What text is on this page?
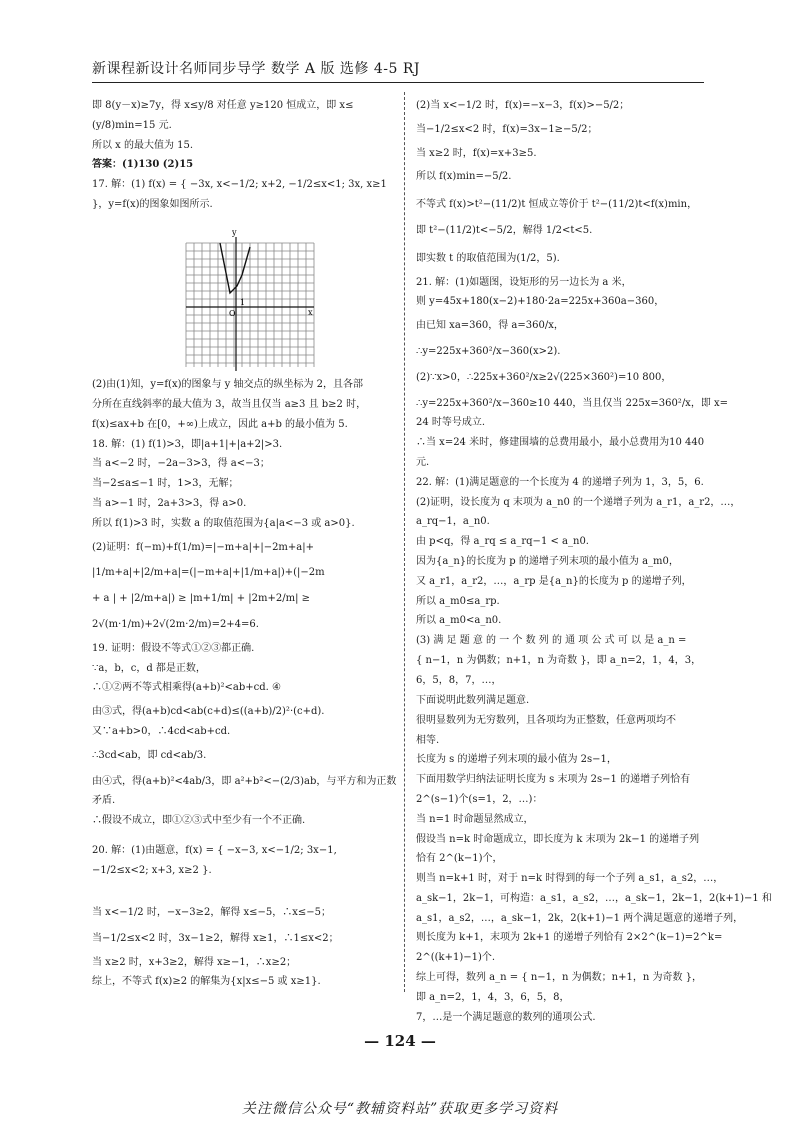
新课程新设计名师同步导学 数学 A 版 选修 4-5 RJ
即 8(y－x)≥7y，得 x≤y/8 对任意 y≥120 恒成立，即 x≤
(y/8)min=15 元.
所以 x 的最大值为 15.
答案：(1)130 (2)15
17. 解：(1) f(x) = { −3x, x<−1/2; x+2, −1/2≤x<1; 3x, x≥1 }，y=f(x)的图象如图所示.
y
x
O
1
(2)由(1)知，y=f(x)的图象与 y 轴交点的纵坐标为 2，且各部
分所在直线斜率的最大值为 3，故当且仅当 a≥3 且 b≥2 时，
f(x)≤ax+b 在[0，+∞)上成立，因此 a+b 的最小值为 5.
18. 解：(1) f(1)>3，即|a+1|+|a+2|>3.
当 a<−2 时，−2a−3>3，得 a<−3；
当−2≤a≤−1 时，1>3，无解；
当 a>−1 时，2a+3>3，得 a>0.
所以 f(1)>3 时，实数 a 的取值范围为{a|a<−3 或 a>0}.
(2)证明：f(−m)+f(1/m)=|−m+a|+|−2m+a|+
|1/m+a|+|2/m+a|=(|−m+a|+|1/m+a|)+(|−2m
+ a | + |2/m+a|) ≥ |m+1/m| + |2m+2/m| ≥
2√(m·1/m)+2√(2m·2/m)=2+4=6.
19. 证明：假设不等式①②③都正确.
∵a，b，c，d 都是正数，
∴①②两不等式相乘得(a+b)²<ab+cd. ④
由③式，得(a+b)cd<ab(c+d)≤((a+b)/2)²·(c+d).
又∵a+b>0，∴4cd<ab+cd.
∴3cd<ab，即 cd<ab/3.
由④式，得(a+b)²<4ab/3，即 a²+b²<−(2/3)ab，与平方和为正数
矛盾.
∴假设不成立，即①②③式中至少有一个不正确.
20. 解：(1)由题意，f(x) = { −x−3, x<−1/2; 3x−1, −1/2≤x<2; x+3, x≥2 }.
当 x<−1/2 时，−x−3≥2，解得 x≤−5，∴x≤−5；
当−1/2≤x<2 时，3x−1≥2，解得 x≥1，∴1≤x<2；
当 x≥2 时，x+3≥2，解得 x≥−1，∴x≥2；
综上，不等式 f(x)≥2 的解集为{x|x≤−5 或 x≥1}.
(2)当 x<−1/2 时，f(x)=−x−3，f(x)>−5/2；
当−1/2≤x<2 时，f(x)=3x−1≥−5/2；
当 x≥2 时，f(x)=x+3≥5.
所以 f(x)min=−5/2.
不等式 f(x)>t²−(11/2)t 恒成立等价于 t²−(11/2)t<f(x)min，
即 t²−(11/2)t<−5/2，解得 1/2<t<5.
即实数 t 的取值范围为(1/2，5).
21. 解：(1)如题图，设矩形的另一边长为 a 米，
则 y=45x+180(x−2)+180·2a=225x+360a−360，
由已知 xa=360，得 a=360/x，
∴y=225x+360²/x−360(x>2).
(2)∵x>0，∴225x+360²/x≥2√(225×360²)=10 800，
∴y=225x+360²/x−360≥10 440，当且仅当 225x=360²/x，即 x=
24 时等号成立.
∴当 x=24 米时，修建围墙的总费用最小，最小总费用为10 440
元.
22. 解：(1)满足题意的一个长度为 4 的递增子列为 1，3，5，6.
(2)证明，设长度为 q 末项为 a_n0 的一个递增子列为 a_r1，a_r2，…，
a_rq−1，a_n0.
由 p<q，得 a_rq ≤ a_rq−1 < a_n0.
因为{a_n}的长度为 p 的递增子列末项的最小值为 a_m0，
又 a_r1，a_r2，…，a_rp 是{a_n}的长度为 p 的递增子列，
所以 a_m0≤a_rp.
所以 a_m0<a_n0.
(3) 满 足 题 意 的 一 个 数 列 的 通 项 公 式 可 以 是 a_n =
{ n−1，n 为偶数；n+1，n 为奇数 }，即 a_n=2，1，4，3，6，5，8，7，…，
下面说明此数列满足题意.
很明显数列为无穷数列，且各项均为正整数，任意两项均不
相等.
长度为 s 的递增子列末项的最小值为 2s−1，
下面用数学归纳法证明长度为 s 末项为 2s−1 的递增子列恰有
2^(s−1)个(s=1，2，…)：
当 n=1 时命题显然成立，
假设当 n=k 时命题成立，即长度为 k 末项为 2k−1 的递增子列
恰有 2^(k−1)个，
则当 n=k+1 时，对于 n=k 时得到的每一个子列 a_s1，a_s2，…，
a_sk−1，2k−1，可构造：a_s1，a_s2，…，a_sk−1，2k−1，2(k+1)−1 和
a_s1，a_s2，…，a_sk−1，2k，2(k+1)−1 两个满足题意的递增子列，
则长度为 k+1，末项为 2k+1 的递增子列恰有 2×2^(k−1)=2^k=
2^((k+1)−1)个.
综上可得，数列 a_n = { n−1，n 为偶数；n+1，n 为奇数 }，即 a_n=2，1，4，3，6，5，8，
7，…是一个满足题意的数列的通项公式.
— 124 —
关注微信公众号“教辅资料站”获取更多学习资料
